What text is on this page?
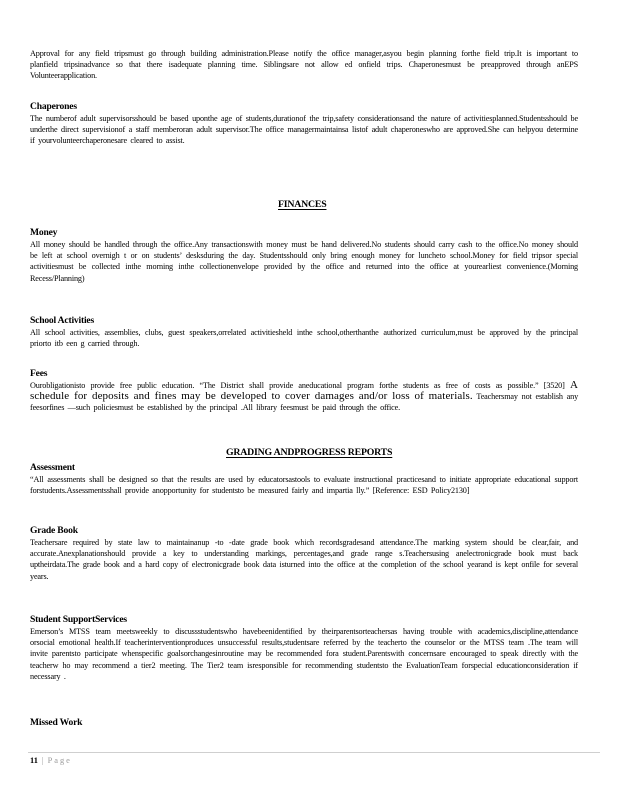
Approval for any field tripsmust go through building administration.Please notify the office manager,asyou begin planning forthe field trip.It is important to planfield tripsinadvance so that there isadequate planning time. Siblingsare not allow ed onfield trips. Chaperonesmust be preapproved through anEPS Volunteerapplication.

Chaperones

The numberof adult supervisorsshould be based uponthe age of students,durationof the trip,safety considerationsand the nature of activitiesplanned.Studentsshould be underthe direct supervisionof a staff memberoran adult supervisor.The office managermaintainsa listof adult chaperoneswho are approved.She can helpyou determine if yourvolunteerchaperonesare cleared to assist.

FINANCES

Money

All money should be handled through the office.Any transactionswith money must be hand delivered.No students should carry cash to the office.No money should be left at school overnigh t or on students’ desksduring the day. Studentsshould only bring enough money for luncheto school.Money for field tripsor special activitiesmust be collected inthe morning inthe collectionenvelope provided by the office and returned into the office at yourearliest convenience.(Morning Recess/Planning)

School Activities

All school activities, assemblies, clubs, guest speakers,orrelated activitiesheld inthe school,otherthanthe authorized curriculum,must be approved by the principal priorto itb een g carried through.

Fees

Ourobligationisto provide free public education. “The District shall provide aneducational program forthe students as free of costs as possible.” [3520] A schedule for deposits and fines may be developed to cover damages and/or loss of materials. Teachersmay not establish any feesorfines —such policiesmust be established by the principal .All library feesmust be paid through the office.

GRADING ANDPROGRESS REPORTS

Assessment

“All assessments shall be designed so that the results are used by educatorsastools to evaluate instructional practicesand to initiate appropriate educational support forstudents.Assessmentsshall provide anopportunity for studentsto be measured fairly and impartia lly.” [Reference: ESD Policy2130]

Grade Book

Teachersare required by state law to maintainanup -to -date grade book which recordsgradesand attendance.The marking system should be clear,fair, and accurate.Anexplanationshould provide a key to understanding markings, percentages,and grade range s.Teachersusing anelectronicgrade book must back uptheirdata.The grade book and a hard copy of electronicgrade book data isturned into the office at the completion of the school yearand is kept onfile for several years.

Student SupportServices

Emerson’s MTSS team meetsweekly to discussstudentswho havebeenidentified by theirparentsorteachersas having trouble with academics,discipline,attendance orsocial emotional health.If teacherinterventionproduces unsuccessful results,studentsare referred by the teacherto the counselor or the MTSS team .The team will invite parentsto participate whenspecific goalsorchangesinroutine may be recommended fora student.Parentswith concernsare encouraged to speak directly with the teacherw ho may recommend a tier2 meeting. The Tier2 team isresponsible for recommending studentsto the EvaluationTeam forspecial educationconsideration if necessary .

Missed Work

11 | Page
